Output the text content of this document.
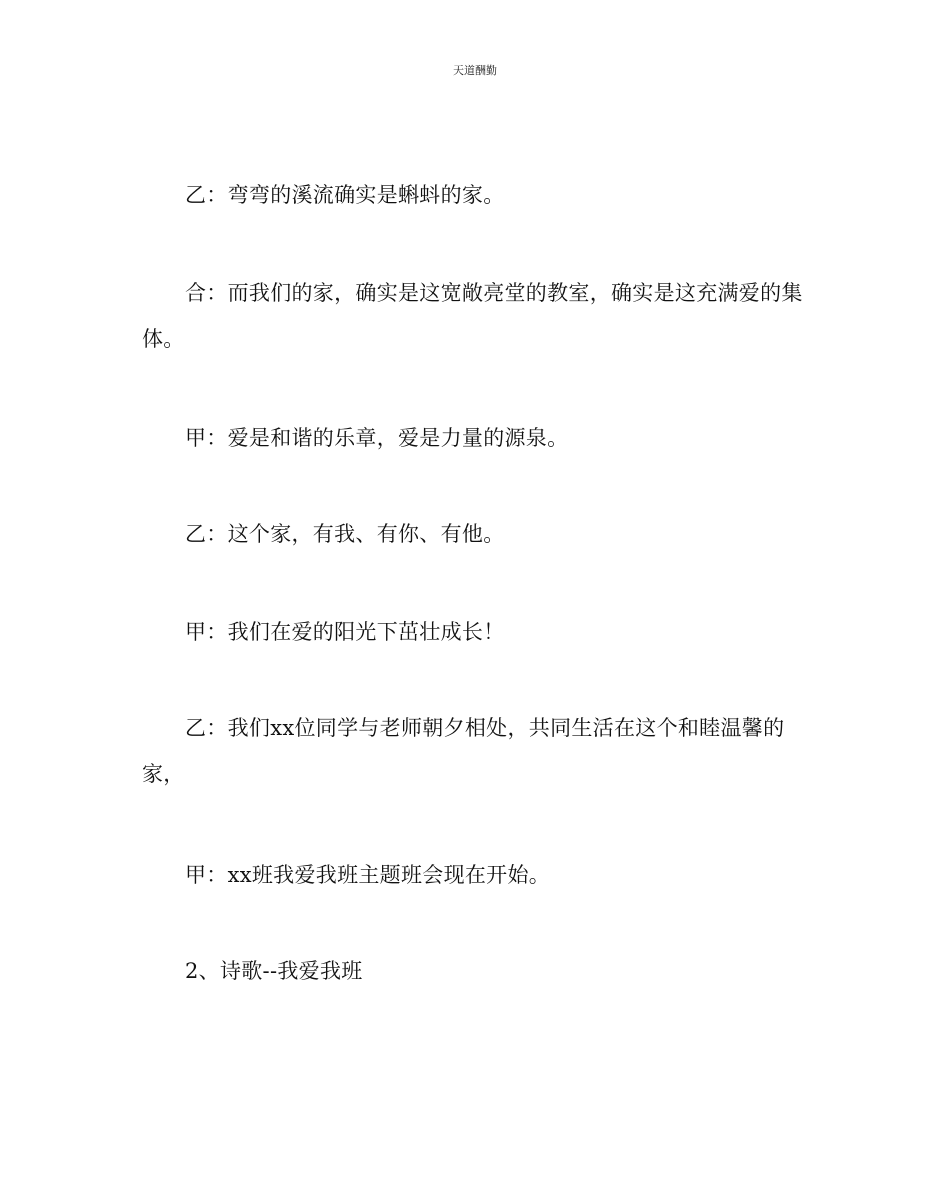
天道酬勤

乙：弯弯的溪流确实是蝌蚪的家。

合：而我们的家，确实是这宽敞亮堂的教室，确实是这充满爱的集体。

甲：爱是和谐的乐章，爱是力量的源泉。

乙：这个家，有我、有你、有他。

甲：我们在爱的阳光下茁壮成长！

乙：我们xx位同学与老师朝夕相处，共同生活在这个和睦温馨的家，

甲：xx班我爱我班主题班会现在开始。

2、诗歌--我爱我班
